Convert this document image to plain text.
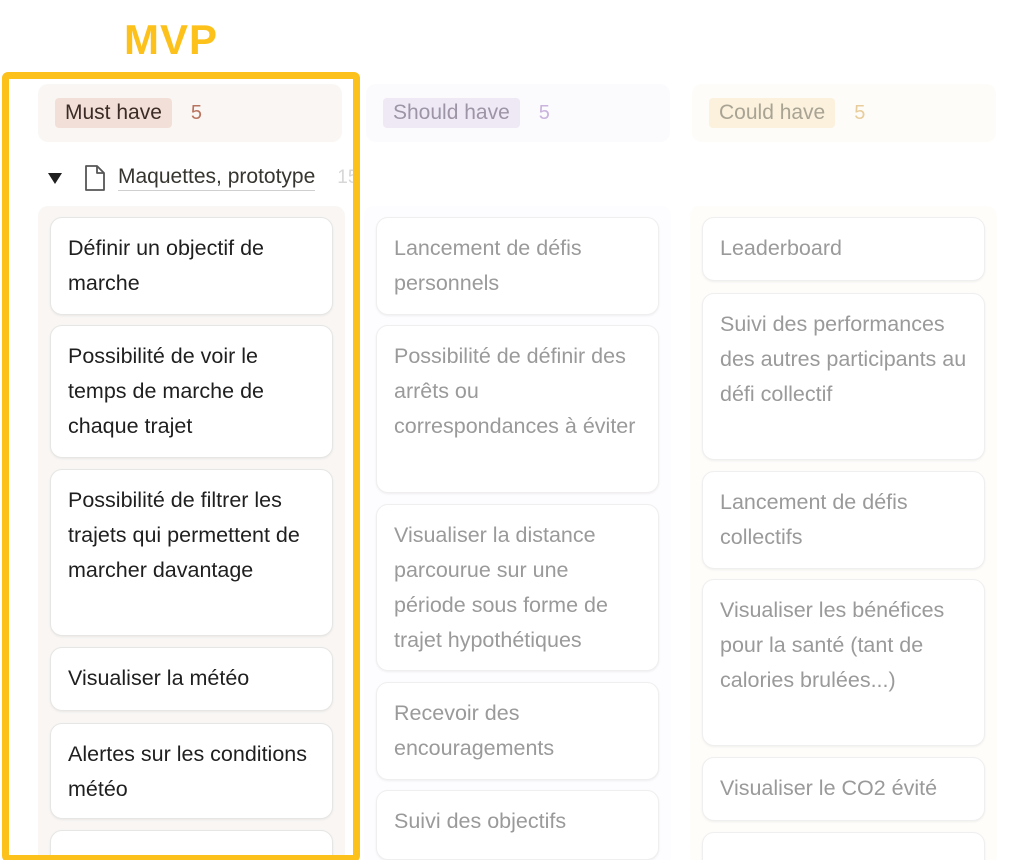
MVP
Must have	5	Should have	5	Could have	5
Maquettes, prototype 15
Définir un objectif de marche
Possibilité de voir le temps de marche de chaque trajet
Possibilité de filtrer les trajets qui permettent de marcher davantage
Visualiser la météo
Alertes sur les conditions météo
Lancement de défis personnels
Possibilité de définir des arrêts ou correspondances à éviter
Visualiser la distance parcourue sur une période sous forme de trajet hypothétiques
Recevoir des encouragements
Suivi des objectifs
Leaderboard
Suivi des performances des autres participants au défi collectif
Lancement de défis collectifs
Visualiser les bénéfices pour la santé (tant de calories brulées...)
Visualiser le CO2 évité
